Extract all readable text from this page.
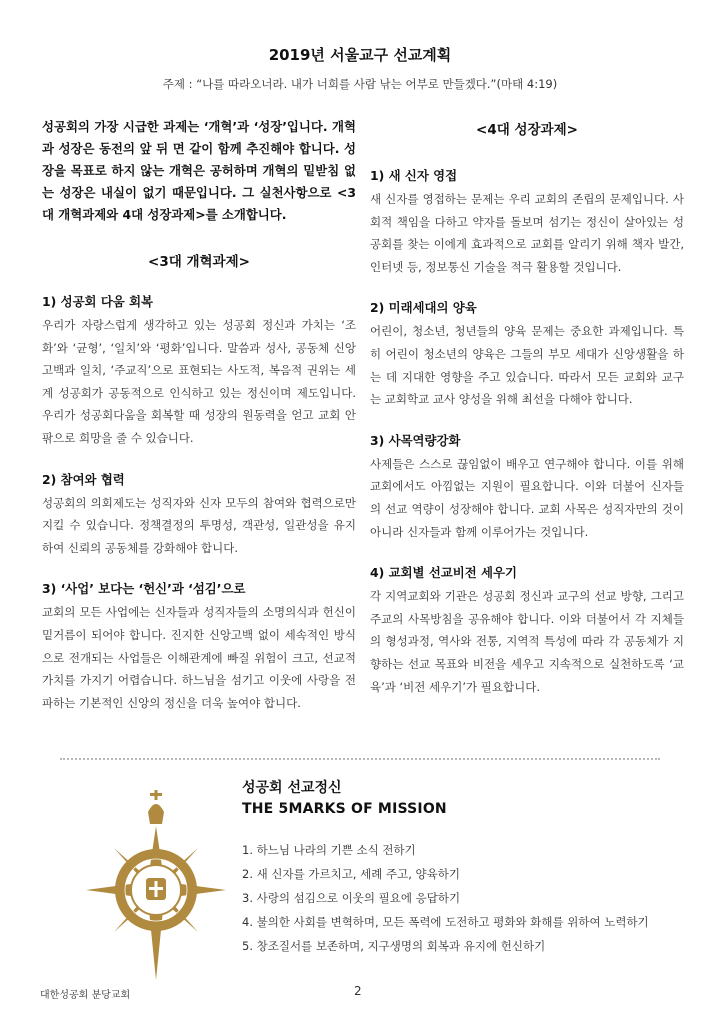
2019년 서울교구 선교계획
주제 : “나를 따라오너라. 내가 너희를 사람 낚는 어부로 만들겠다.”(마태 4:19)

성공회의 가장 시급한 과제는 ‘개혁’과 ‘성장’입니다. 개혁과 성장은 동전의 앞 뒤 면 같이 함께 추진해야 합니다. 성장을 목표로 하지 않는 개혁은 공허하며 개혁의 밑받침 없는 성장은 내실이 없기 때문입니다. 그 실천사항으로 <3대 개혁과제와 4대 성장과제>를 소개합니다.

<3대 개혁과제>

1) 성공회 다움 회복

우리가 자랑스럽게 생각하고 있는 성공회 정신과 가치는 ‘조화’와 ‘균형’, ‘일치’와 ‘평화’입니다. 말씀과 성사, 공동체 신앙고백과 일치, ‘주교직’으로 표현되는 사도적, 복음적 권위는 세계 성공회가 공동적으로 인식하고 있는 정신이며 제도입니다. 우리가 성공회다움을 회복할 때 성장의 원동력을 얻고 교회 안팎으로 희망을 줄 수 있습니다.

2) 참여와 협력

성공회의 의회제도는 성직자와 신자 모두의 참여와 협력으로만 지킬 수 있습니다. 정책결정의 투명성, 객관성, 일관성을 유지하여 신뢰의 공동체를 강화해야 합니다.

3) ‘사업’ 보다는 ‘헌신’과 ‘섬김’으로

교회의 모든 사업에는 신자들과 성직자들의 소명의식과 헌신이 밑거름이 되어야 합니다. 진지한 신앙고백 없이 세속적인 방식으로 전개되는 사업들은 이해관계에 빠질 위험이 크고, 선교적 가치를 가지기 어렵습니다. 하느님을 섬기고 이웃에 사랑을 전파하는 기본적인 신앙의 정신을 더욱 높여야 합니다.

<4대 성장과제>

1) 새 신자 영접

새 신자를 영접하는 문제는 우리 교회의 존립의 문제입니다. 사회적 책임을 다하고 약자를 돌보며 섬기는 정신이 살아있는 성공회를 찾는 이에게 효과적으로 교회를 알리기 위해 책자 발간, 인터넷 등, 정보통신 기술을 적극 활용할 것입니다.

2) 미래세대의 양육

어린이, 청소년, 청년들의 양육 문제는 중요한 과제입니다. 특히 어린이 청소년의 양육은 그들의 부모 세대가 신앙생활을 하는 데 지대한 영향을 주고 있습니다. 따라서 모든 교회와 교구는 교회학교 교사 양성을 위해 최선을 다해야 합니다.

3) 사목역량강화

사제들은 스스로 끊임없이 배우고 연구해야 합니다. 이를 위해 교회에서도 아낌없는 지원이 필요합니다. 이와 더불어 신자들의 선교 역량이 성장해야 합니다. 교회 사목은 성직자만의 것이 아니라 신자들과 함께 이루어가는 것입니다.

4) 교회별 선교비전 세우기

각 지역교회와 기관은 성공회 정신과 교구의 선교 방향, 그리고 주교의 사목방침을 공유해야 합니다. 이와 더불어서 각 지체들의 형성과정, 역사와 전통, 지역적 특성에 따라 각 공동체가 지향하는 선교 목표와 비전을 세우고 지속적으로 실천하도록 ‘교육’과 ‘비전 세우기’가 필요합니다.

성공회 선교정신
THE 5MARKS OF MISSION
1. 하느님 나라의 기쁜 소식 전하기
2. 새 신자를 가르치고, 세례 주고, 양육하기
3. 사랑의 섬김으로 이웃의 필요에 응답하기
4. 불의한 사회를 변혁하며, 모든 폭력에 도전하고 평화와 화해를 위하여 노력하기
5. 창조질서를 보존하며, 지구생명의 회복과 유지에 헌신하기
대한성공회 분당교회	2
